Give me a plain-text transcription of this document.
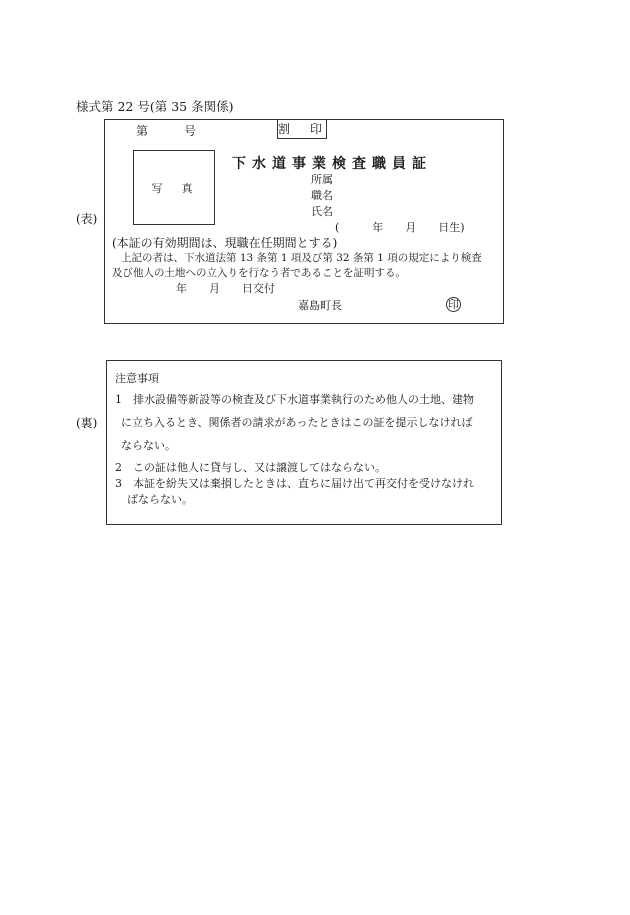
様式第 22 号(第 35 条関係)
(表)
第　　　号	割　印
写　真
下水道事業検査職員証
所属
職名
氏名
(　　　年　　月　　日生)
(本証の有効期間は、現職在任期間とする)
上記の者は、下水道法第 13 条第 1 項及び第 32 条第 1 項の規定により検査
及び他人の土地への立入りを行なう者であることを証明する。
年　　月　　日交付
嘉島町長	印
(裏)
注意事項
1　排水設備等新設等の検査及び下水道事業執行のため他人の土地、建物
に立ち入るとき、関係者の請求があったときはこの証を提示しなければ
ならない。
2　この証は他人に貸与し、又は譲渡してはならない。
3　本証を紛失又は棄損したときは、直ちに届け出て再交付を受けなけれ
ばならない。
